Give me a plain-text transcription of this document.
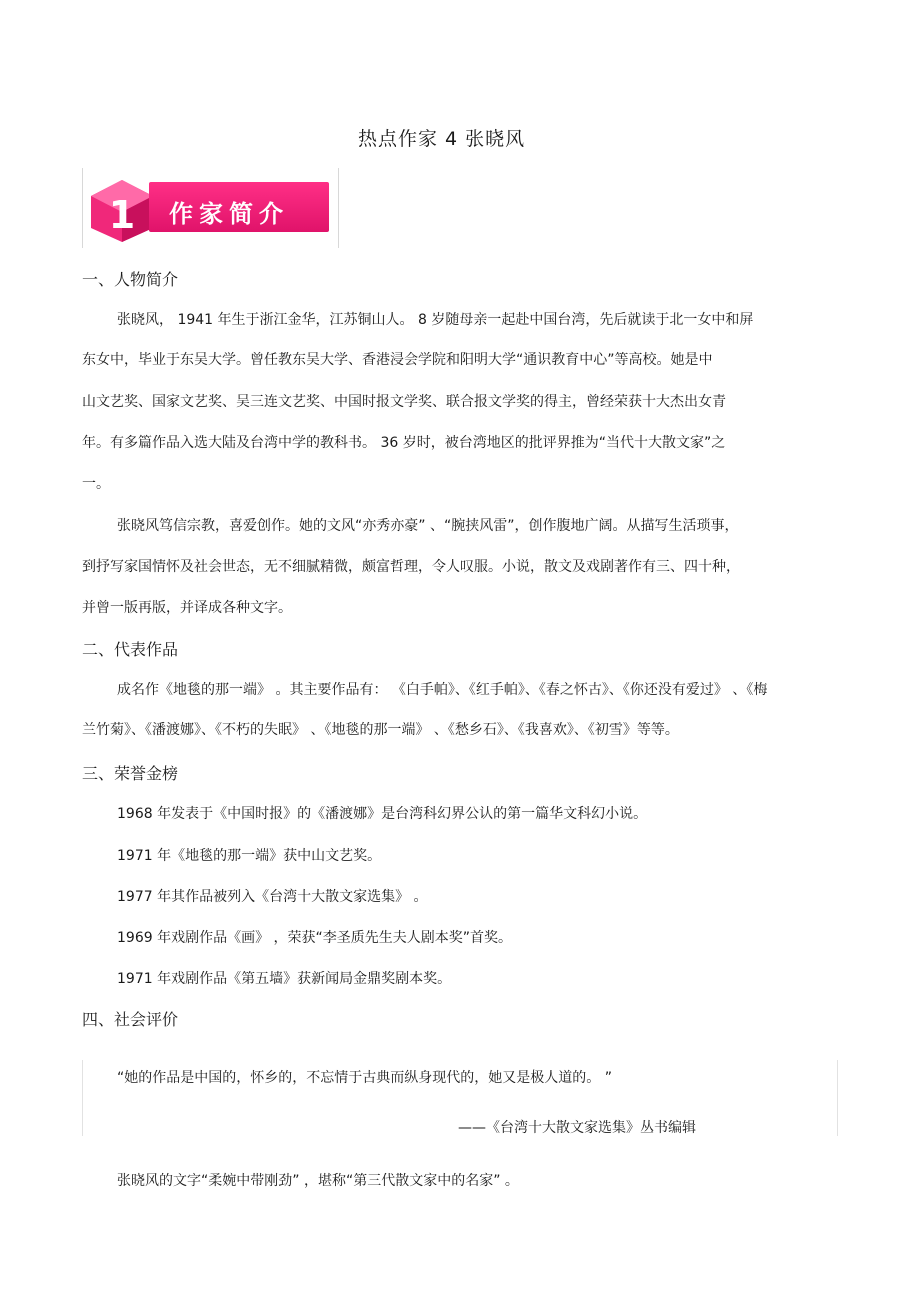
热点作家 4 张晓风
1 作家简介
一、人物简介
张晓风， 1941 年生于浙江金华，江苏铜山人。 8 岁随母亲一起赴中国台湾，先后就读于北一女中和屏
东女中，毕业于东吴大学。曾任教东吴大学、香港浸会学院和阳明大学“通识教育中心”等高校。她是中
山文艺奖、国家文艺奖、吴三连文艺奖、中国时报文学奖、联合报文学奖的得主，曾经荣获十大杰出女青
年。有多篇作品入选大陆及台湾中学的教科书。 36 岁时，被台湾地区的批评界推为“当代十大散文家”之
一。
张晓风笃信宗教，喜爱创作。她的文风“亦秀亦豪” 、“腕挟风雷”，创作腹地广阔。从描写生活琐事，
到抒写家国情怀及社会世态，无不细腻精微，颇富哲理，令人叹服。小说，散文及戏剧著作有三、四十种，
并曾一版再版，并译成各种文字。
二、代表作品
成名作《地毯的那一端》 。其主要作品有： 《白手帕》、《红手帕》、《春之怀古》、《你还没有爱过》 、《梅
兰竹菊》、《潘渡娜》、《不朽的失眠》 、《地毯的那一端》 、《愁乡石》、《我喜欢》、《初雪》等等。
三、荣誉金榜
1968 年发表于《中国时报》的《潘渡娜》是台湾科幻界公认的第一篇华文科幻小说。
1971 年《地毯的那一端》获中山文艺奖。
1977 年其作品被列入《台湾十大散文家选集》 。
1969 年戏剧作品《画》 ，荣获“李圣质先生夫人剧本奖”首奖。
1971 年戏剧作品《第五墙》获新闻局金鼎奖剧本奖。
四、社会评价
“她的作品是中国的，怀乡的，不忘情于古典而纵身现代的，她又是极人道的。 ”
——《台湾十大散文家选集》丛书编辑
张晓风的文字“柔婉中带刚劲” ，堪称“第三代散文家中的名家” 。
